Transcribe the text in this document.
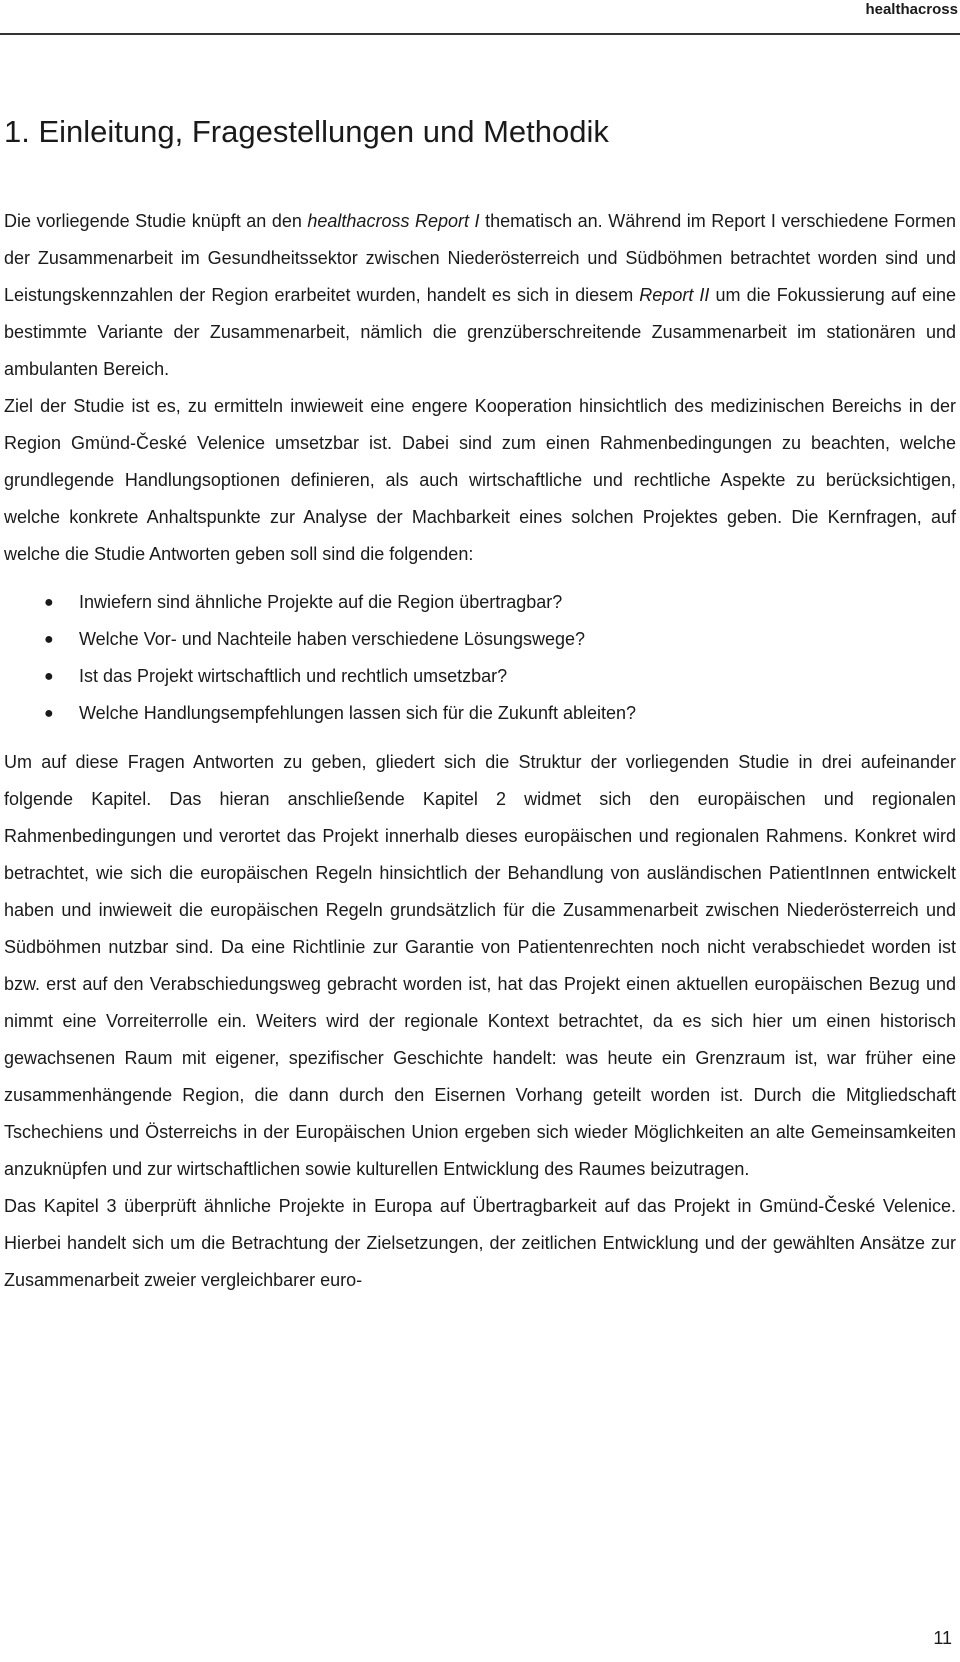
healthacross
1. Einleitung, Fragestellungen und Methodik

Die vorliegende Studie knüpft an den healthacross Report I thematisch an. Während im Report I verschiedene Formen der Zusammenarbeit im Gesundheitssektor zwischen Niederösterreich und Südböhmen betrachtet worden sind und Leistungskennzahlen der Region erarbeitet wurden, handelt es sich in diesem Report II um die Fokussierung auf eine bestimmte Variante der Zusammenarbeit, nämlich die grenzüberschreitende Zusammenarbeit im stationären und ambulanten Bereich.

Ziel der Studie ist es, zu ermitteln inwieweit eine engere Kooperation hinsichtlich des medizinischen Bereichs in der Region Gmünd-České Velenice umsetzbar ist. Dabei sind zum einen Rahmenbedingungen zu beachten, welche grundlegende Handlungsoptionen definieren, als auch wirtschaftliche und rechtliche Aspekte zu berücksichtigen, welche konkrete Anhaltspunkte zur Analyse der Machbarkeit eines solchen Projektes geben. Die Kernfragen, auf welche die Studie Antworten geben soll sind die folgenden:

● Inwiefern sind ähnliche Projekte auf die Region übertragbar?
● Welche Vor- und Nachteile haben verschiedene Lösungswege?
● Ist das Projekt wirtschaftlich und rechtlich umsetzbar?
● Welche Handlungsempfehlungen lassen sich für die Zukunft ableiten?

Um auf diese Fragen Antworten zu geben, gliedert sich die Struktur der vorliegenden Studie in drei aufeinander folgende Kapitel. Das hieran anschließende Kapitel 2 widmet sich den europäischen und regionalen Rahmenbedingungen und verortet das Projekt innerhalb dieses europäischen und regionalen Rahmens. Konkret wird betrachtet, wie sich die europäischen Regeln hinsichtlich der Behandlung von ausländischen PatientInnen entwickelt haben und inwieweit die europäischen Regeln grundsätzlich für die Zusammenarbeit zwischen Niederösterreich und Südböhmen nutzbar sind. Da eine Richtlinie zur Garantie von Patientenrechten noch nicht verabschiedet worden ist bzw. erst auf den Verabschiedungsweg gebracht worden ist, hat das Projekt einen aktuellen europäischen Bezug und nimmt eine Vorreiterrolle ein. Weiters wird der regionale Kontext betrachtet, da es sich hier um einen historisch gewachsenen Raum mit eigener, spezifischer Geschichte handelt: was heute ein Grenzraum ist, war früher eine zusammenhängende Region, die dann durch den Eisernen Vorhang geteilt worden ist. Durch die Mitgliedschaft Tschechiens und Österreichs in der Europäischen Union ergeben sich wieder Möglichkeiten an alte Gemeinsamkeiten anzuknüpfen und zur wirtschaftlichen sowie kulturellen Entwicklung des Raumes beizutragen.

Das Kapitel 3 überprüft ähnliche Projekte in Europa auf Übertragbarkeit auf das Projekt in Gmünd-České Velenice. Hierbei handelt sich um die Betrachtung der Zielsetzungen, der zeitlichen Entwicklung und der gewählten Ansätze zur Zusammenarbeit zweier vergleichbarer euro-

11
